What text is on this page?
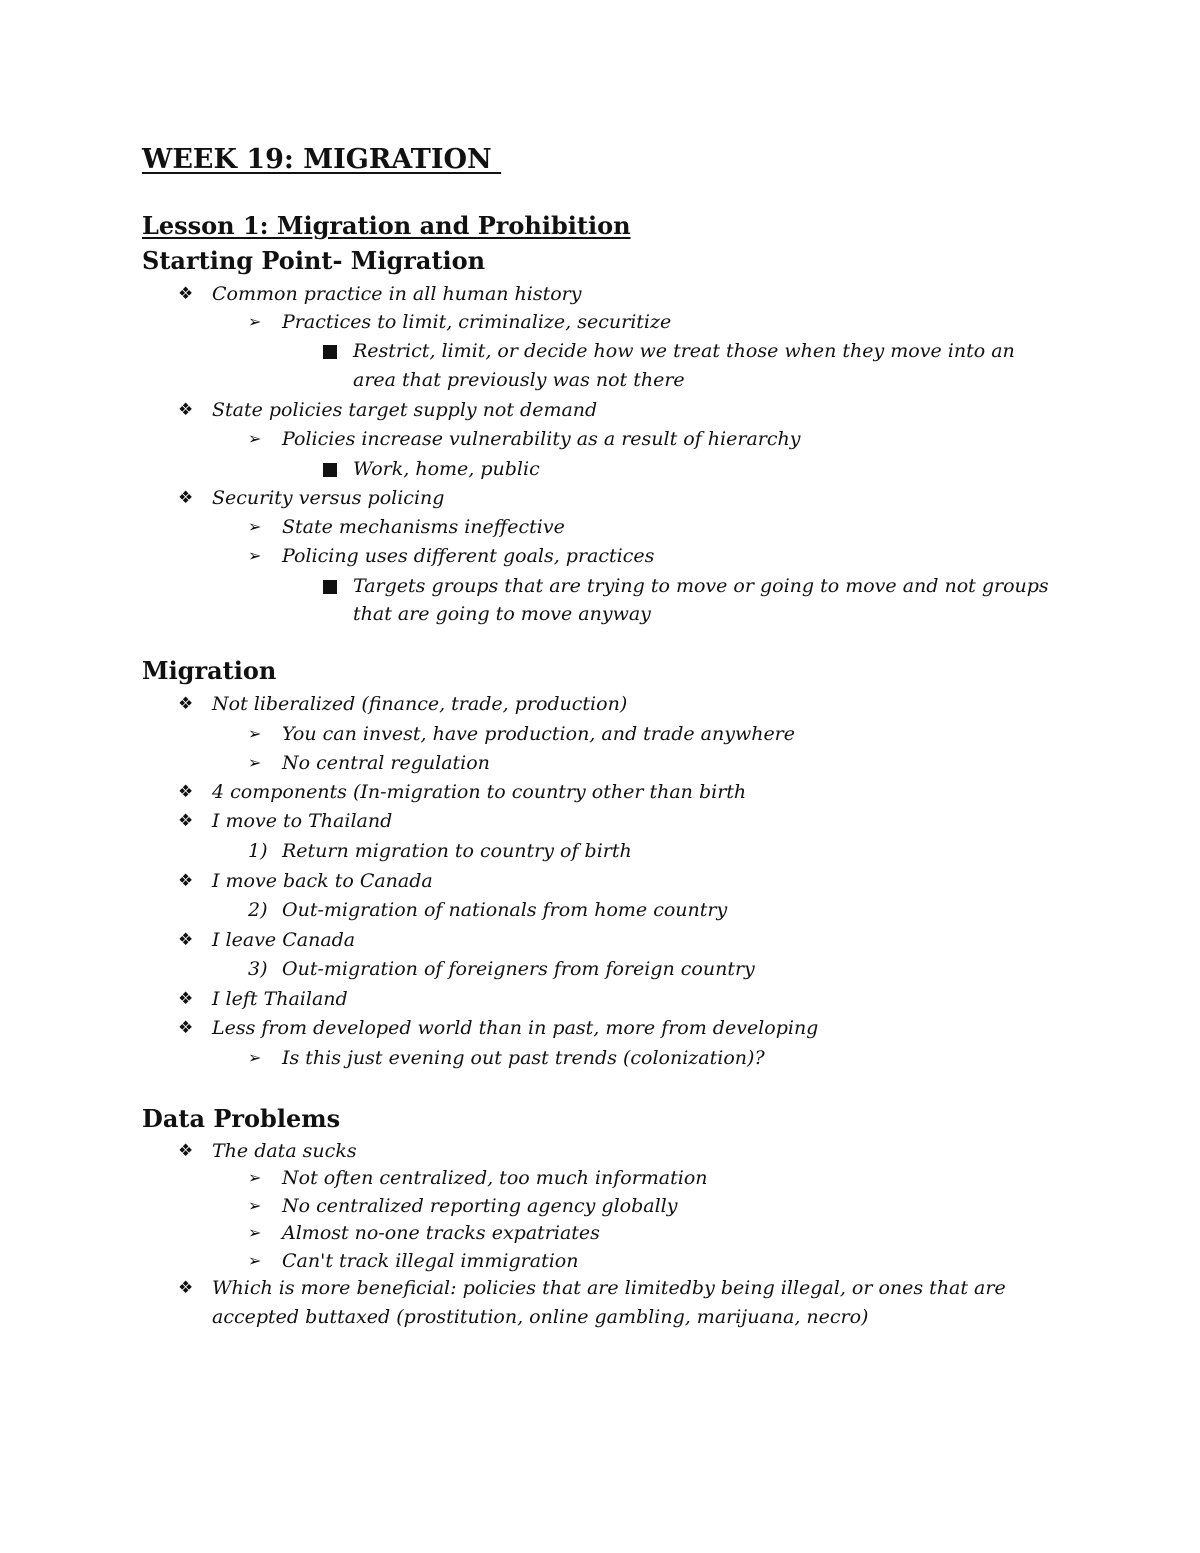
WEEK 19: MIGRATION
Lesson 1: Migration and Prohibition
Starting Point- Migration
❖ Common practice in all human history
➢ Practices to limit, criminalize, securitize
Restrict, limit, or decide how we treat those when they move into an
area that previously was not there
❖ State policies target supply not demand
➢ Policies increase vulnerability as a result of hierarchy
Work, home, public
❖ Security versus policing
➢ State mechanisms ineffective
➢ Policing uses different goals, practices
Targets groups that are trying to move or going to move and not groups
that are going to move anyway
Migration
❖ Not liberalized (finance, trade, production)
➢ You can invest, have production, and trade anywhere
➢ No central regulation
❖ 4 components (In-migration to country other than birth
❖ I move to Thailand
1) Return migration to country of birth
❖ I move back to Canada
2) Out-migration of nationals from home country
❖ I leave Canada
3) Out-migration of foreigners from foreign country
❖ I left Thailand
❖ Less from developed world than in past, more from developing
➢ Is this just evening out past trends (colonization)?
Data Problems
❖ The data sucks
➢ Not often centralized, too much information
➢ No centralized reporting agency globally
➢ Almost no-one tracks expatriates
➢ Can't track illegal immigration
❖ Which is more beneficial: policies that are limitedby being illegal, or ones that are
accepted buttaxed (prostitution, online gambling, marijuana, necro)
